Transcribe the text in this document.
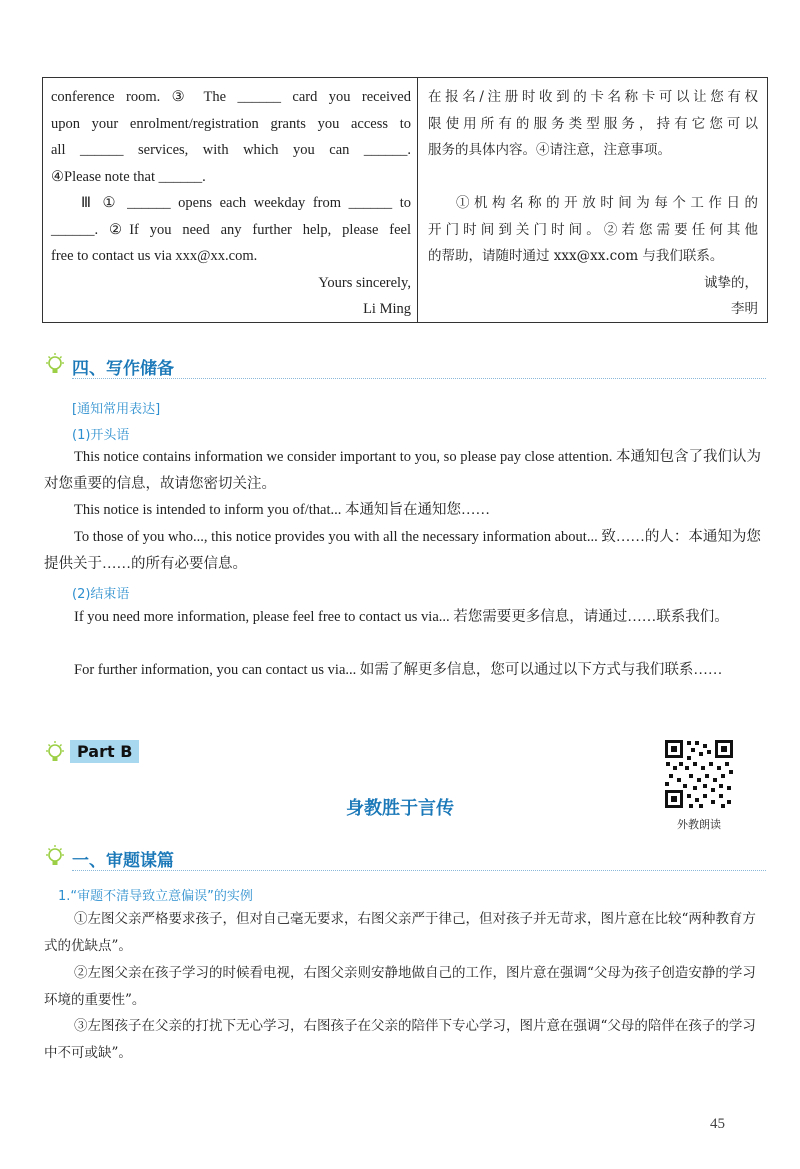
conference room. ③ The ______ card you received
upon your enrolment/registration grants you access to
all ______ services, with which you can ______.
④Please note that ______.
Ⅲ ① ______ opens each weekday from ______ to
______. ②If you need any further help, please feel
free to contact us via xxx@xx.com.
Yours sincerely,
Li Ming
在报名/注册时收到的卡名称卡可以让您有权
限使用所有的服务类型服务，持有它您可以
服务的具体内容。④请注意，注意事项。
①机构名称的开放时间为每个工作日的
开门时间到关门时间。②若您需要任何其他
的帮助，请随时通过 xxx@xx.com 与我们联系。
诚挚的，
李明
四、写作储备
[通知常用表达]
(1)开头语
This notice contains information we consider important to you, so please pay close attention. 本通知包含了我们认为对您重要的信息，故请您密切关注。
This notice is intended to inform you of/that... 本通知旨在通知您……
To those of you who..., this notice provides you with all the necessary information about... 致……的人：本通知为您提供关于……的所有必要信息。
(2)结束语
If you need more information, please feel free to contact us via... 若您需要更多信息，请通过……联系我们。
For further information, you can contact us via... 如需了解更多信息，您可以通过以下方式与我们联系……
Part B
身教胜于言传
外教朗读
一、审题谋篇
1.“审题不清导致立意偏误”的实例
①左图父亲严格要求孩子，但对自己毫无要求，右图父亲严于律己，但对孩子并无苛求，图片意在比较“两种教育方式的优缺点”。
②左图父亲在孩子学习的时候看电视，右图父亲则安静地做自己的工作，图片意在强调“父母为孩子创造安静的学习环境的重要性”。
③左图孩子在父亲的打扰下无心学习，右图孩子在父亲的陪伴下专心学习，图片意在强调“父母的陪伴在孩子的学习中不可或缺”。
45
